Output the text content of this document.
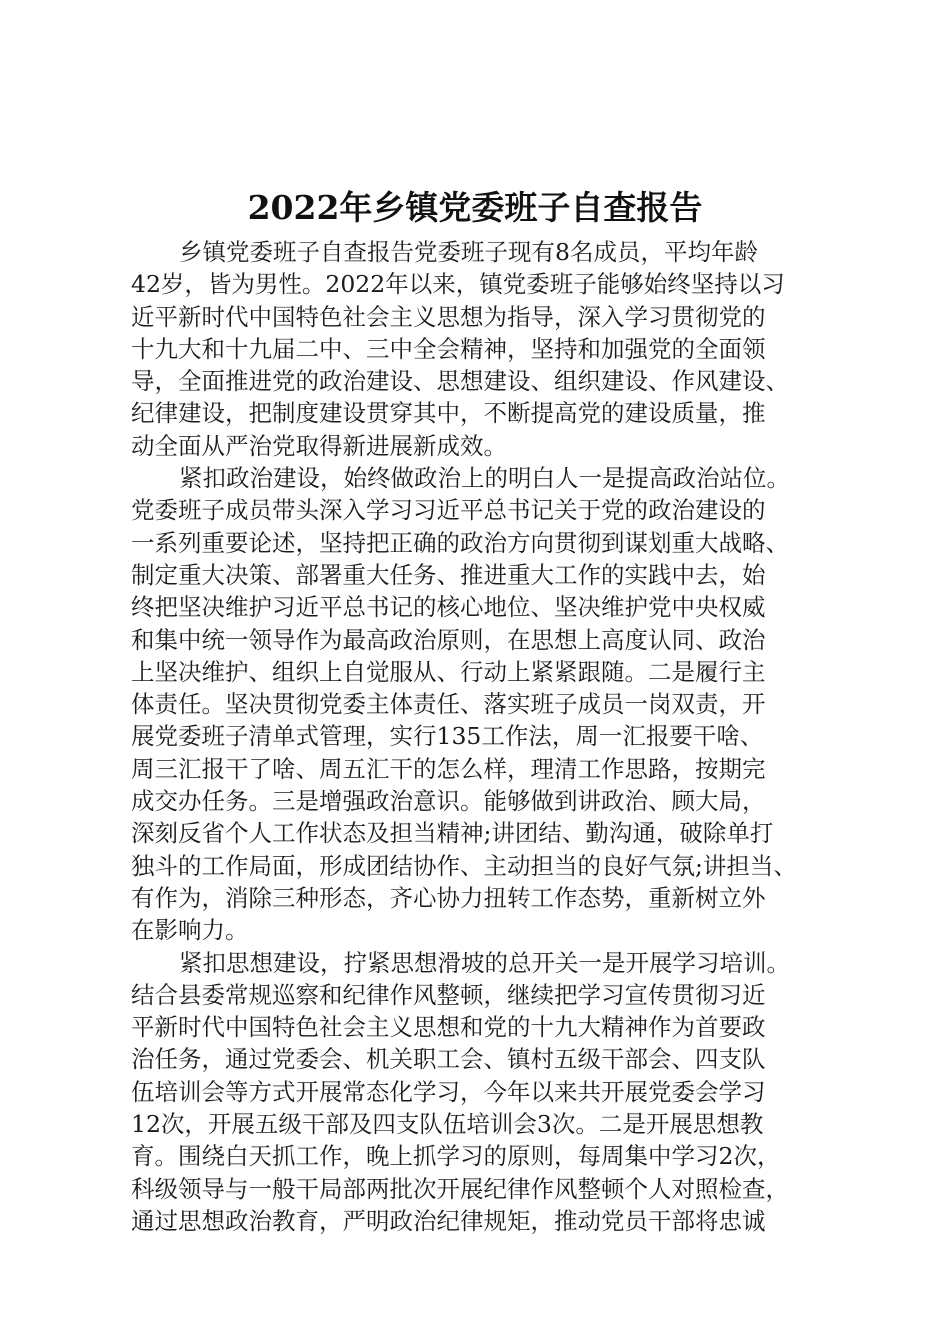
2022年乡镇党委班子自查报告
乡镇党委班子自查报告党委班子现有8名成员，平均年龄
42岁，皆为男性。2022年以来，镇党委班子能够始终坚持以习
近平新时代中国特色社会主义思想为指导，深入学习贯彻党的
十九大和十九届二中、三中全会精神，坚持和加强党的全面领
导，全面推进党的政治建设、思想建设、组织建设、作风建设、
纪律建设，把制度建设贯穿其中，不断提高党的建设质量，推
动全面从严治党取得新进展新成效。
紧扣政治建设，始终做政治上的明白人一是提高政治站位。
党委班子成员带头深入学习习近平总书记关于党的政治建设的
一系列重要论述，坚持把正确的政治方向贯彻到谋划重大战略、
制定重大决策、部署重大任务、推进重大工作的实践中去，始
终把坚决维护习近平总书记的核心地位、坚决维护党中央权威
和集中统一领导作为最高政治原则，在思想上高度认同、政治
上坚决维护、组织上自觉服从、行动上紧紧跟随。二是履行主
体责任。坚决贯彻党委主体责任、落实班子成员一岗双责，开
展党委班子清单式管理，实行135工作法，周一汇报要干啥、
周三汇报干了啥、周五汇干的怎么样，理清工作思路，按期完
成交办任务。三是增强政治意识。能够做到讲政治、顾大局，
深刻反省个人工作状态及担当精神;讲团结、勤沟通，破除单打
独斗的工作局面，形成团结协作、主动担当的良好气氛;讲担当、
有作为，消除三种形态，齐心协力扭转工作态势，重新树立外
在影响力。
紧扣思想建设，拧紧思想滑坡的总开关一是开展学习培训。
结合县委常规巡察和纪律作风整顿，继续把学习宣传贯彻习近
平新时代中国特色社会主义思想和党的十九大精神作为首要政
治任务，通过党委会、机关职工会、镇村五级干部会、四支队
伍培训会等方式开展常态化学习，今年以来共开展党委会学习
12次，开展五级干部及四支队伍培训会3次。二是开展思想教
育。围绕白天抓工作，晚上抓学习的原则，每周集中学习2次，
科级领导与一般干局部两批次开展纪律作风整顿个人对照检查，
通过思想政治教育，严明政治纪律规矩，推动党员干部将忠诚
